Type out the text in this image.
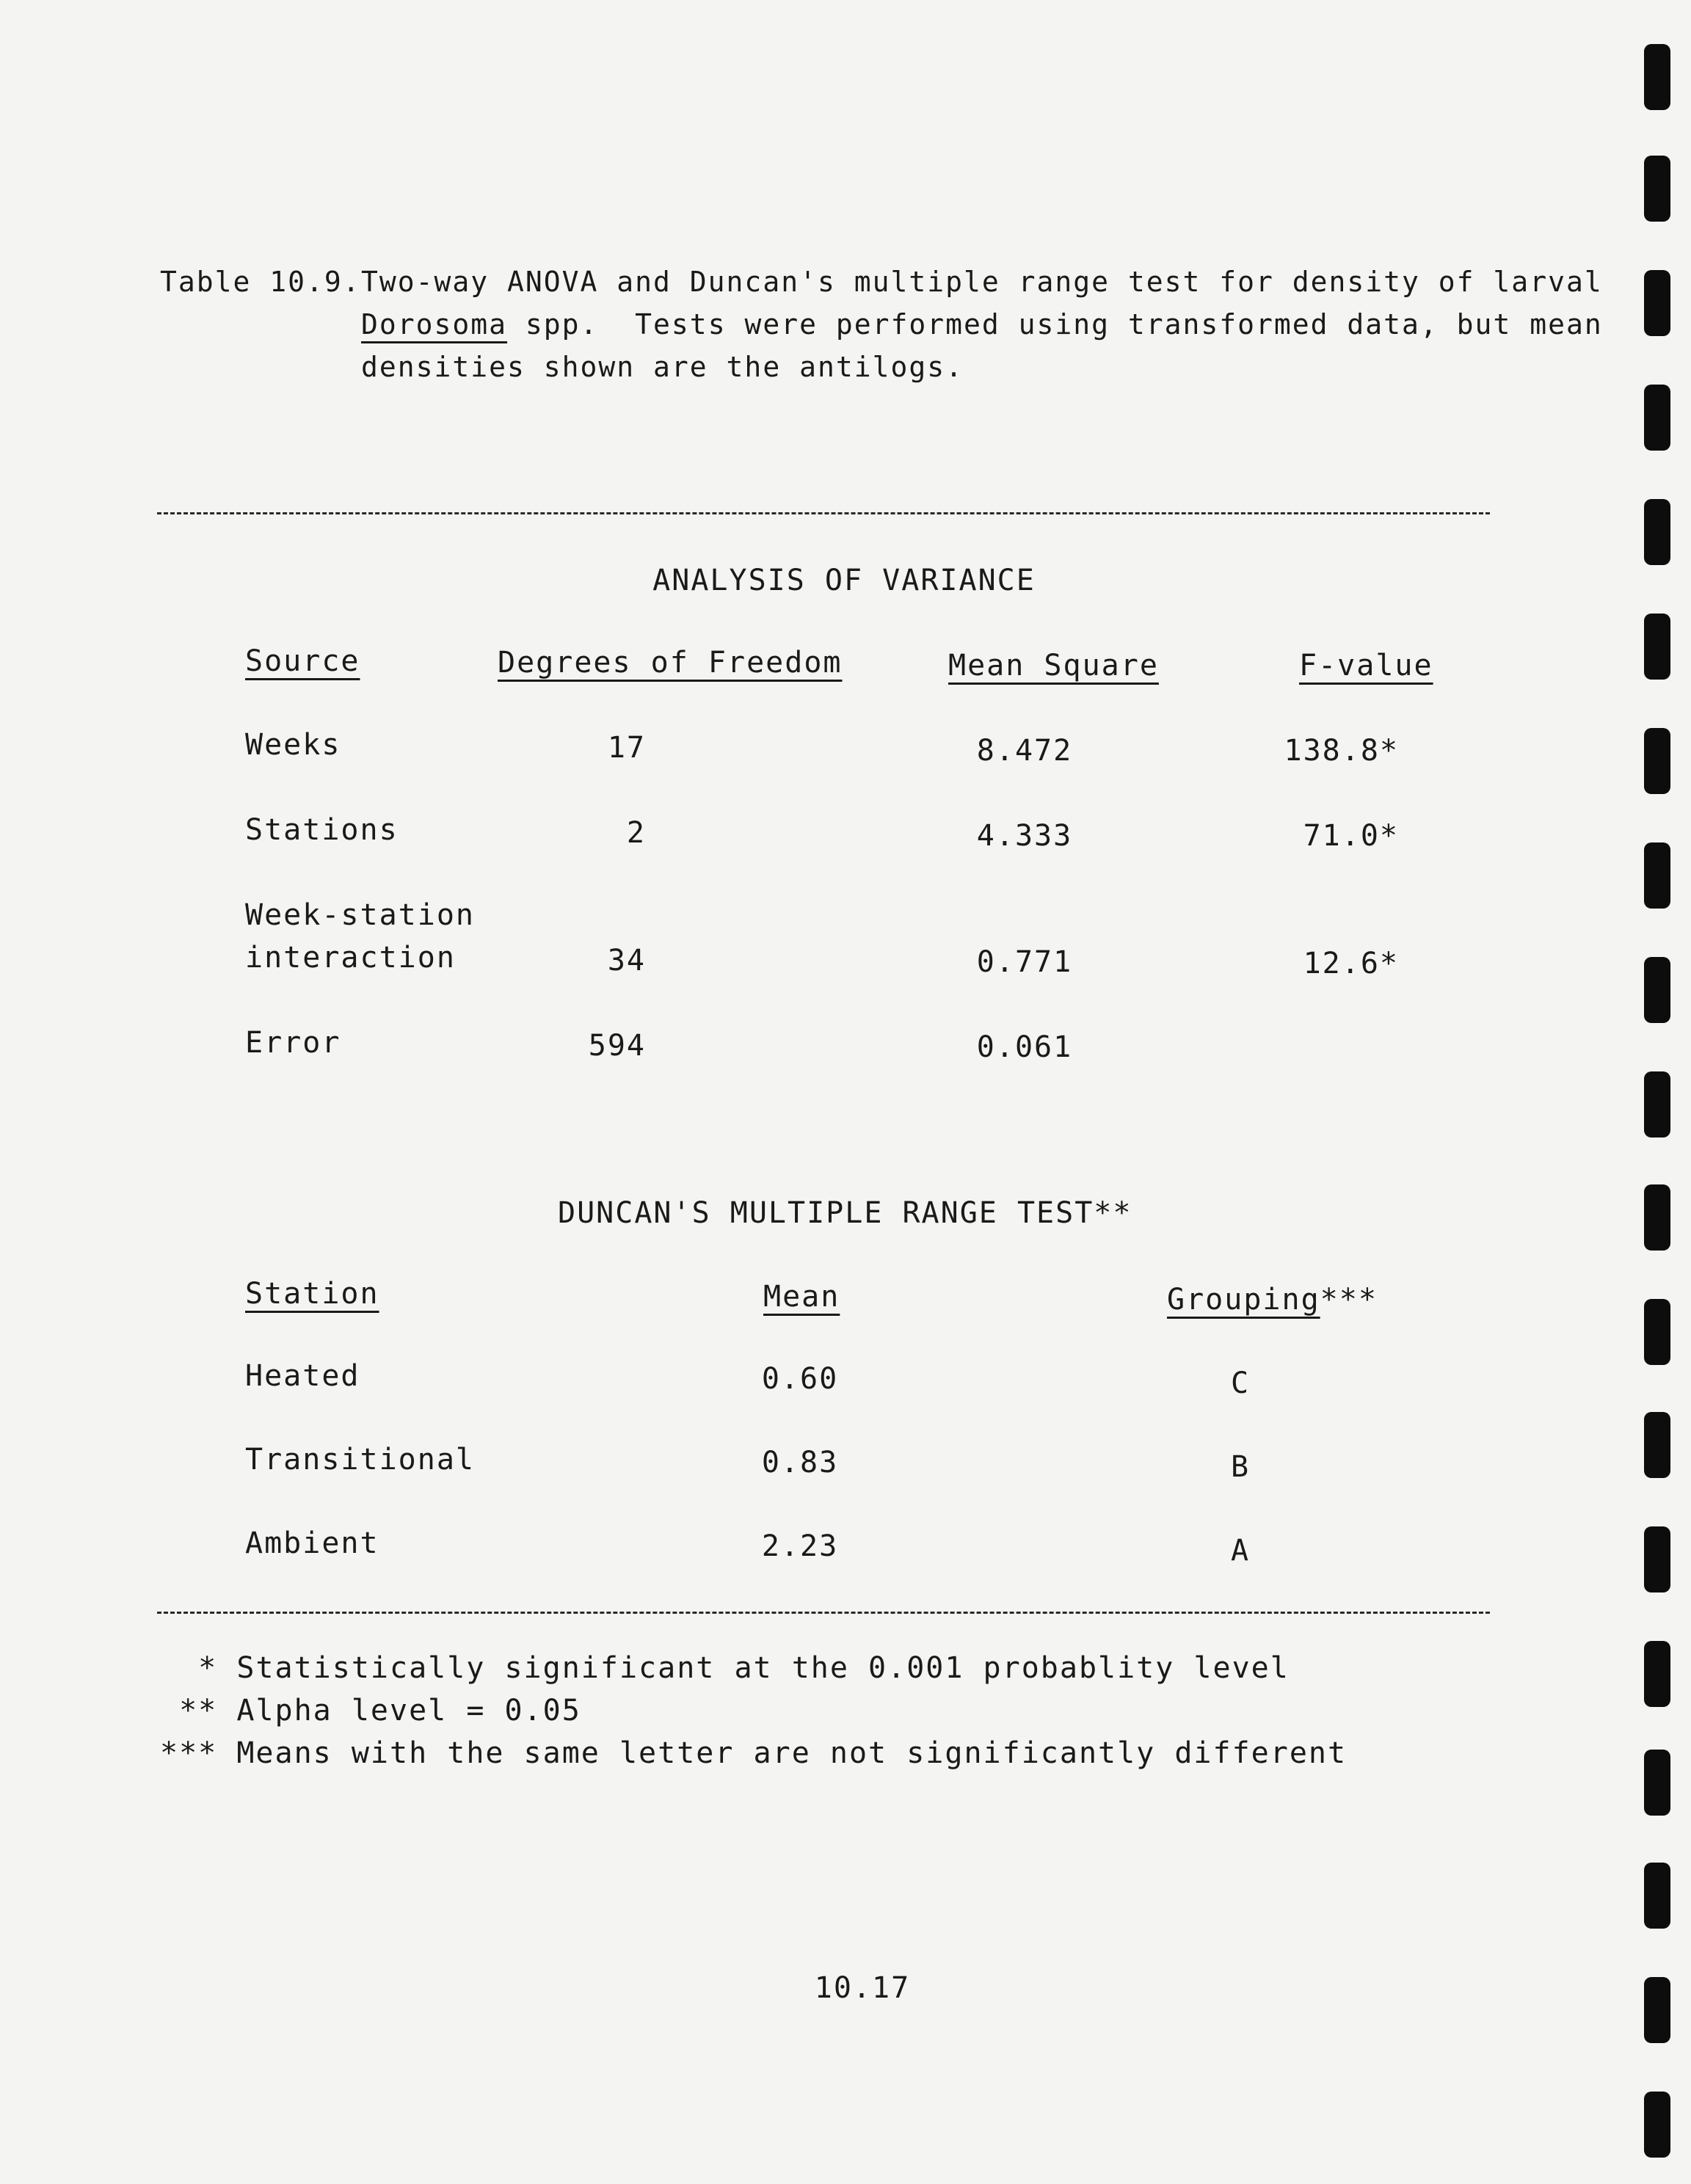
Table 10.9. Two-way ANOVA and Duncan's multiple range test for density of larval
Dorosoma spp.  Tests were performed using transformed data, but mean
densities shown are the antilogs.
ANALYSIS OF VARIANCE
Source	Degrees of Freedom	Mean Square	F-value
Weeks	17	8.472	138.8*
Stations	2	4.333	71.0*
Week-station
interaction	34	0.771	12.6*
Error	594	0.061
DUNCAN'S MULTIPLE RANGE TEST**
Station	Mean	Grouping***
Heated	0.60	C
Transitional	0.83	B
Ambient	2.23	A
* Statistically significant at the 0.001 probablity level
** Alpha level = 0.05
*** Means with the same letter are not significantly different
10.17
